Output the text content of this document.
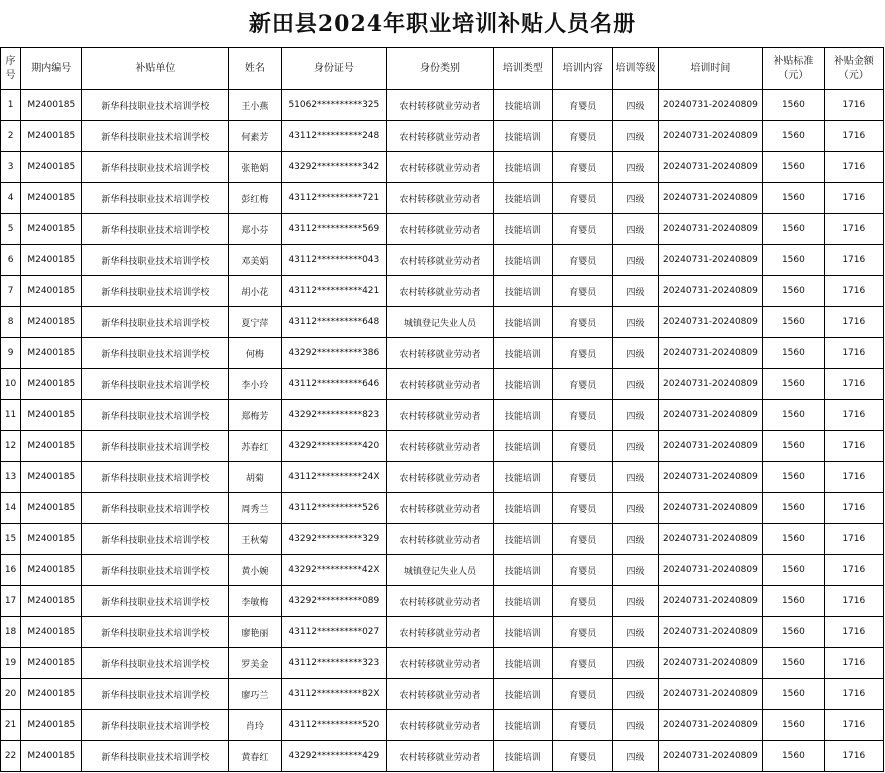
新田县2024年职业培训补贴人员名册
序号	期内编号	补贴单位	姓名	身份证号	身份类别	培训类型	培训内容	培训等级	培训时间	补贴标准（元）	补贴金额（元）
1	M2400185	新华科技职业技术培训学校	王小燕	51062**********325	农村转移就业劳动者	技能培训	育婴员	四级	20240731-20240809	1560	1716
2	M2400185	新华科技职业技术培训学校	何素芳	43112**********248	农村转移就业劳动者	技能培训	育婴员	四级	20240731-20240809	1560	1716
3	M2400185	新华科技职业技术培训学校	张艳娟	43292**********342	农村转移就业劳动者	技能培训	育婴员	四级	20240731-20240809	1560	1716
4	M2400185	新华科技职业技术培训学校	彭红梅	43112**********721	农村转移就业劳动者	技能培训	育婴员	四级	20240731-20240809	1560	1716
5	M2400185	新华科技职业技术培训学校	郑小芬	43112**********569	农村转移就业劳动者	技能培训	育婴员	四级	20240731-20240809	1560	1716
6	M2400185	新华科技职业技术培训学校	邓美娟	43112**********043	农村转移就业劳动者	技能培训	育婴员	四级	20240731-20240809	1560	1716
7	M2400185	新华科技职业技术培训学校	胡小花	43112**********421	农村转移就业劳动者	技能培训	育婴员	四级	20240731-20240809	1560	1716
8	M2400185	新华科技职业技术培训学校	夏宁萍	43112**********648	城镇登记失业人员	技能培训	育婴员	四级	20240731-20240809	1560	1716
9	M2400185	新华科技职业技术培训学校	何梅	43292**********386	农村转移就业劳动者	技能培训	育婴员	四级	20240731-20240809	1560	1716
10	M2400185	新华科技职业技术培训学校	李小玲	43112**********646	农村转移就业劳动者	技能培训	育婴员	四级	20240731-20240809	1560	1716
11	M2400185	新华科技职业技术培训学校	郑梅芳	43292**********823	农村转移就业劳动者	技能培训	育婴员	四级	20240731-20240809	1560	1716
12	M2400185	新华科技职业技术培训学校	苏春红	43292**********420	农村转移就业劳动者	技能培训	育婴员	四级	20240731-20240809	1560	1716
13	M2400185	新华科技职业技术培训学校	胡菊	43112**********24X	农村转移就业劳动者	技能培训	育婴员	四级	20240731-20240809	1560	1716
14	M2400185	新华科技职业技术培训学校	周秀兰	43112**********526	农村转移就业劳动者	技能培训	育婴员	四级	20240731-20240809	1560	1716
15	M2400185	新华科技职业技术培训学校	王秋菊	43292**********329	农村转移就业劳动者	技能培训	育婴员	四级	20240731-20240809	1560	1716
16	M2400185	新华科技职业技术培训学校	黄小婉	43292**********42X	城镇登记失业人员	技能培训	育婴员	四级	20240731-20240809	1560	1716
17	M2400185	新华科技职业技术培训学校	李敏梅	43292**********089	农村转移就业劳动者	技能培训	育婴员	四级	20240731-20240809	1560	1716
18	M2400185	新华科技职业技术培训学校	廖艳丽	43112**********027	农村转移就业劳动者	技能培训	育婴员	四级	20240731-20240809	1560	1716
19	M2400185	新华科技职业技术培训学校	罗美金	43112**********323	农村转移就业劳动者	技能培训	育婴员	四级	20240731-20240809	1560	1716
20	M2400185	新华科技职业技术培训学校	廖巧兰	43112**********82X	农村转移就业劳动者	技能培训	育婴员	四级	20240731-20240809	1560	1716
21	M2400185	新华科技职业技术培训学校	肖玲	43112**********520	农村转移就业劳动者	技能培训	育婴员	四级	20240731-20240809	1560	1716
22	M2400185	新华科技职业技术培训学校	黄春红	43292**********429	农村转移就业劳动者	技能培训	育婴员	四级	20240731-20240809	1560	1716
